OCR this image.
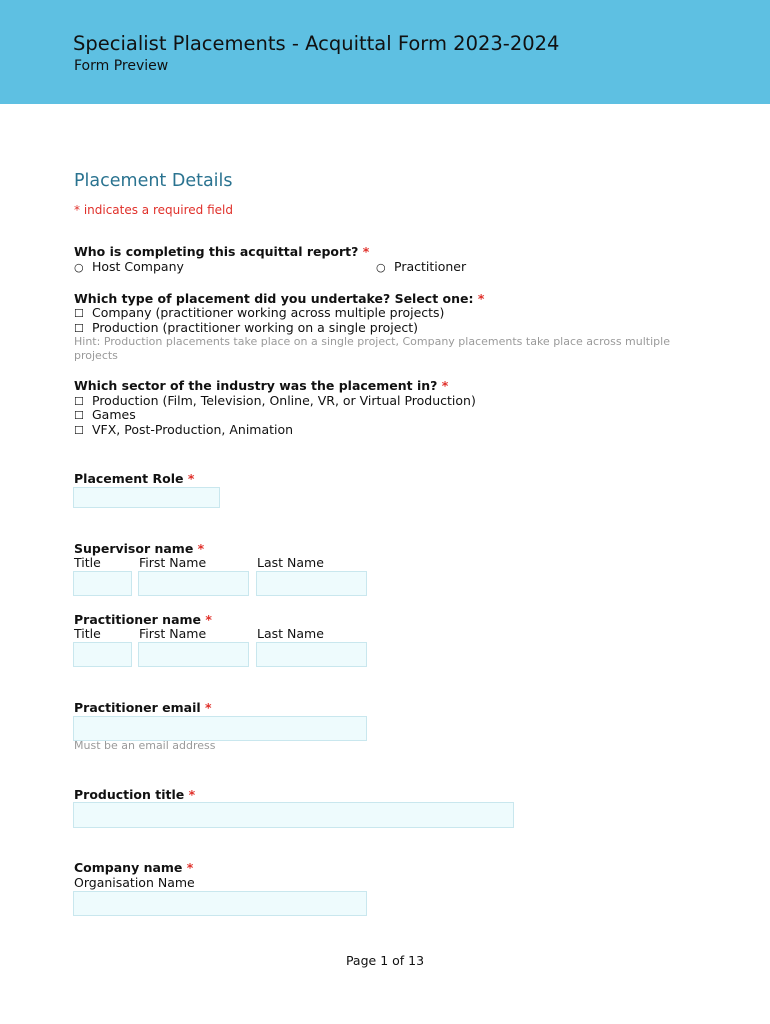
Specialist Placements - Acquittal Form 2023-2024
Form Preview
Placement Details
* indicates a required field
Who is completing this acquittal report? *
○ Host Company	○ Practitioner
Which type of placement did you undertake? Select one: *
☐ Company (practitioner working across multiple projects)
☐ Production (practitioner working on a single project)
Hint: Production placements take place on a single project, Company placements take place across multiple projects
Which sector of the industry was the placement in? *
☐ Production (Film, Television, Online, VR, or Virtual Production)
☐ Games
☐ VFX, Post-Production, Animation
Placement Role *
Supervisor name *
Title	First Name	Last Name
Practitioner name *
Title	First Name	Last Name
Practitioner email *
Must be an email address
Production title *
Company name *
Organisation Name
Page 1 of 13
